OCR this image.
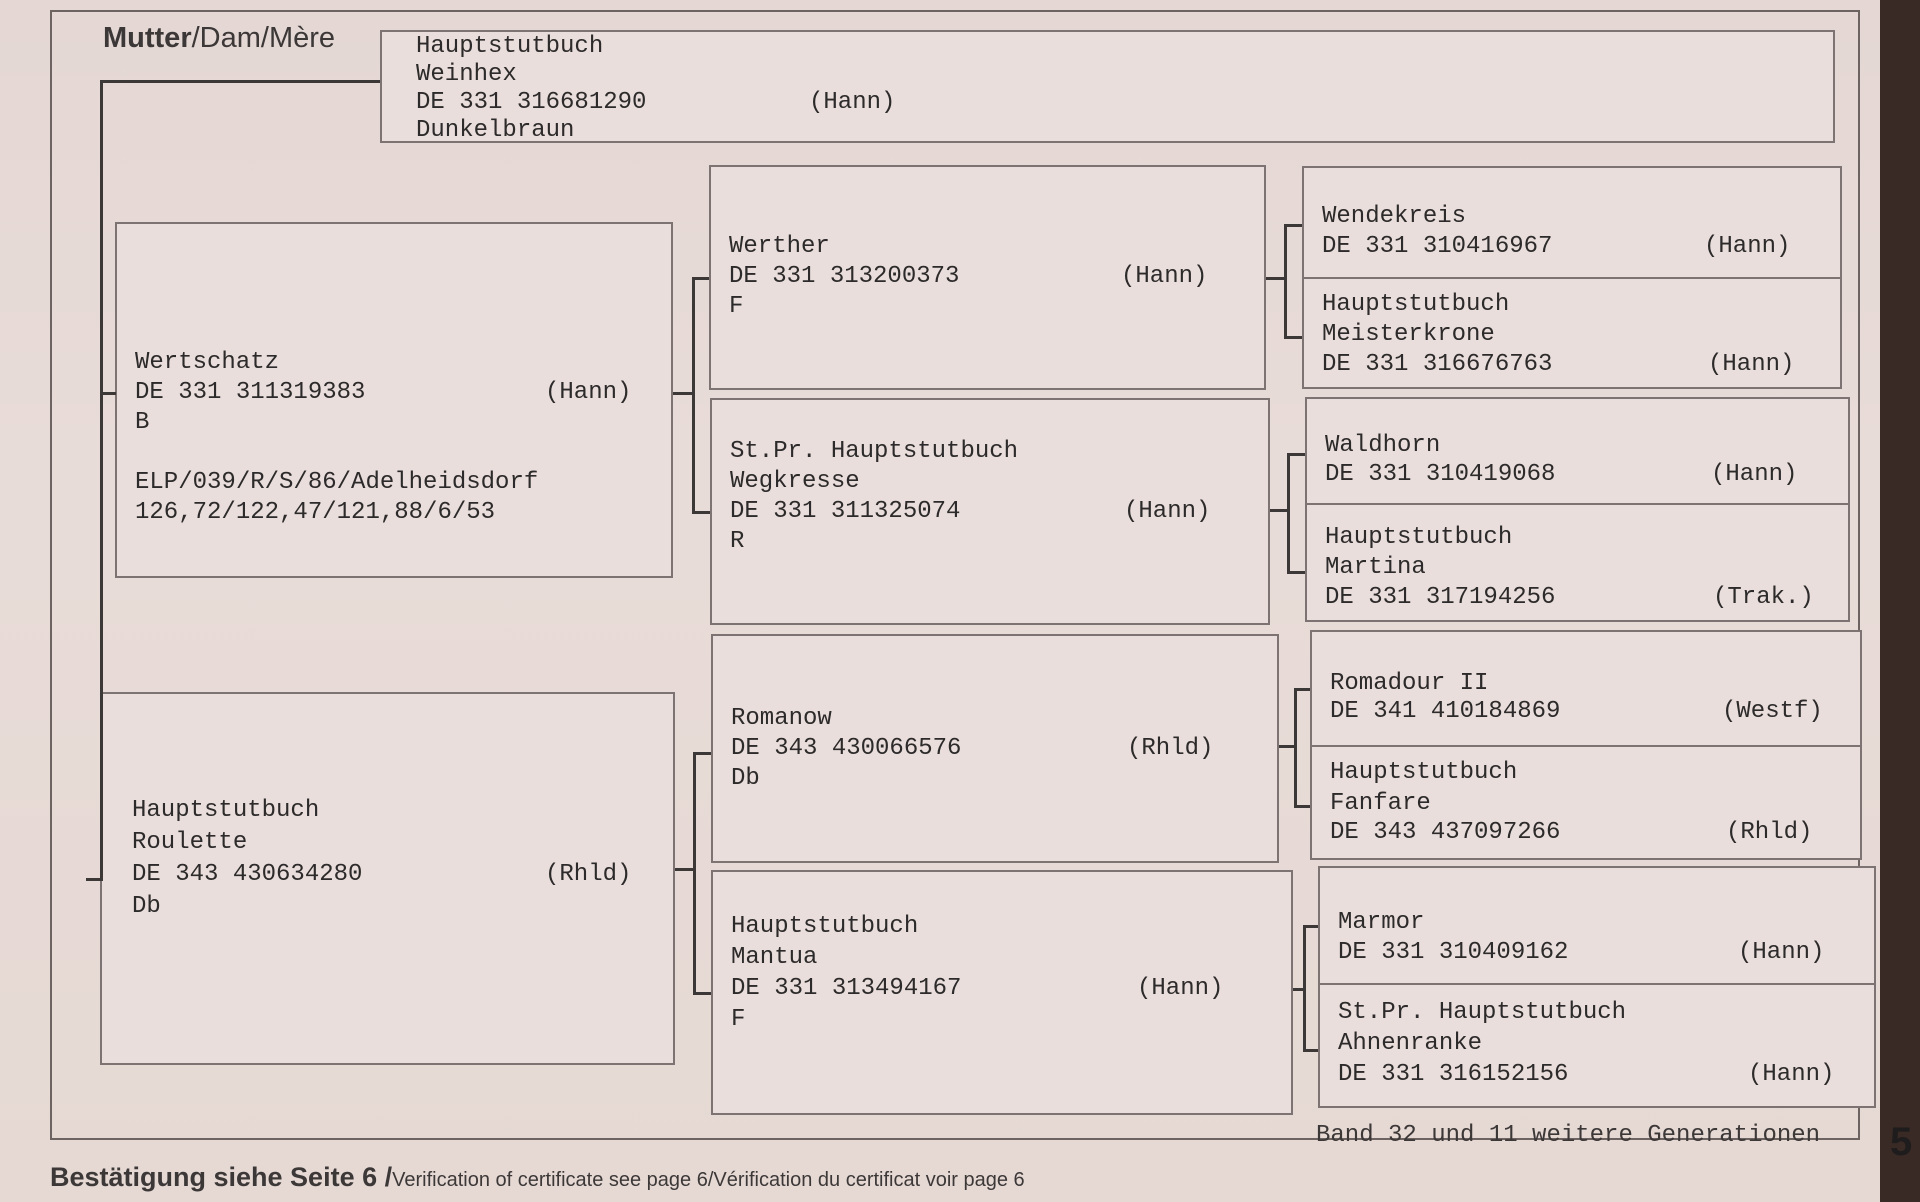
Mutter/Dam/Mère	Hauptstutbuch
Weinhex
DE 331 316681290	(Hann)
Dunkelbraun
Wertschatz
DE 331 311319383	(Hann)
B
ELP/039/R/S/86/Adelheidsdorf
126,72/122,47/121,88/6/53
Hauptstutbuch
Roulette
DE 343 430634280	(Rhld)
Db
Werther
DE 331 313200373	(Hann)
F
St.Pr. Hauptstutbuch
Wegkresse
DE 331 311325074	(Hann)
R
Romanow
DE 343 430066576	(Rhld)
Db
Hauptstutbuch
Mantua
DE 331 313494167	(Hann)
F
Wendekreis
DE 331 310416967	(Hann)
Hauptstutbuch
Meisterkrone
DE 331 316676763	(Hann)
Waldhorn
DE 331 310419068	(Hann)
Hauptstutbuch
Martina
DE 331 317194256	(Trak.)
Romadour II
DE 341 410184869	(Westf)
Hauptstutbuch
Fanfare
DE 343 437097266	(Rhld)
Marmor
DE 331 310409162	(Hann)
St.Pr. Hauptstutbuch
Ahnenranke
DE 331 316152156	(Hann)
Band 32 und 11 weitere Generationen 5
Bestätigung siehe Seite 6 /Verification of certificate see page 6/Vérification du certificat voir page 6
